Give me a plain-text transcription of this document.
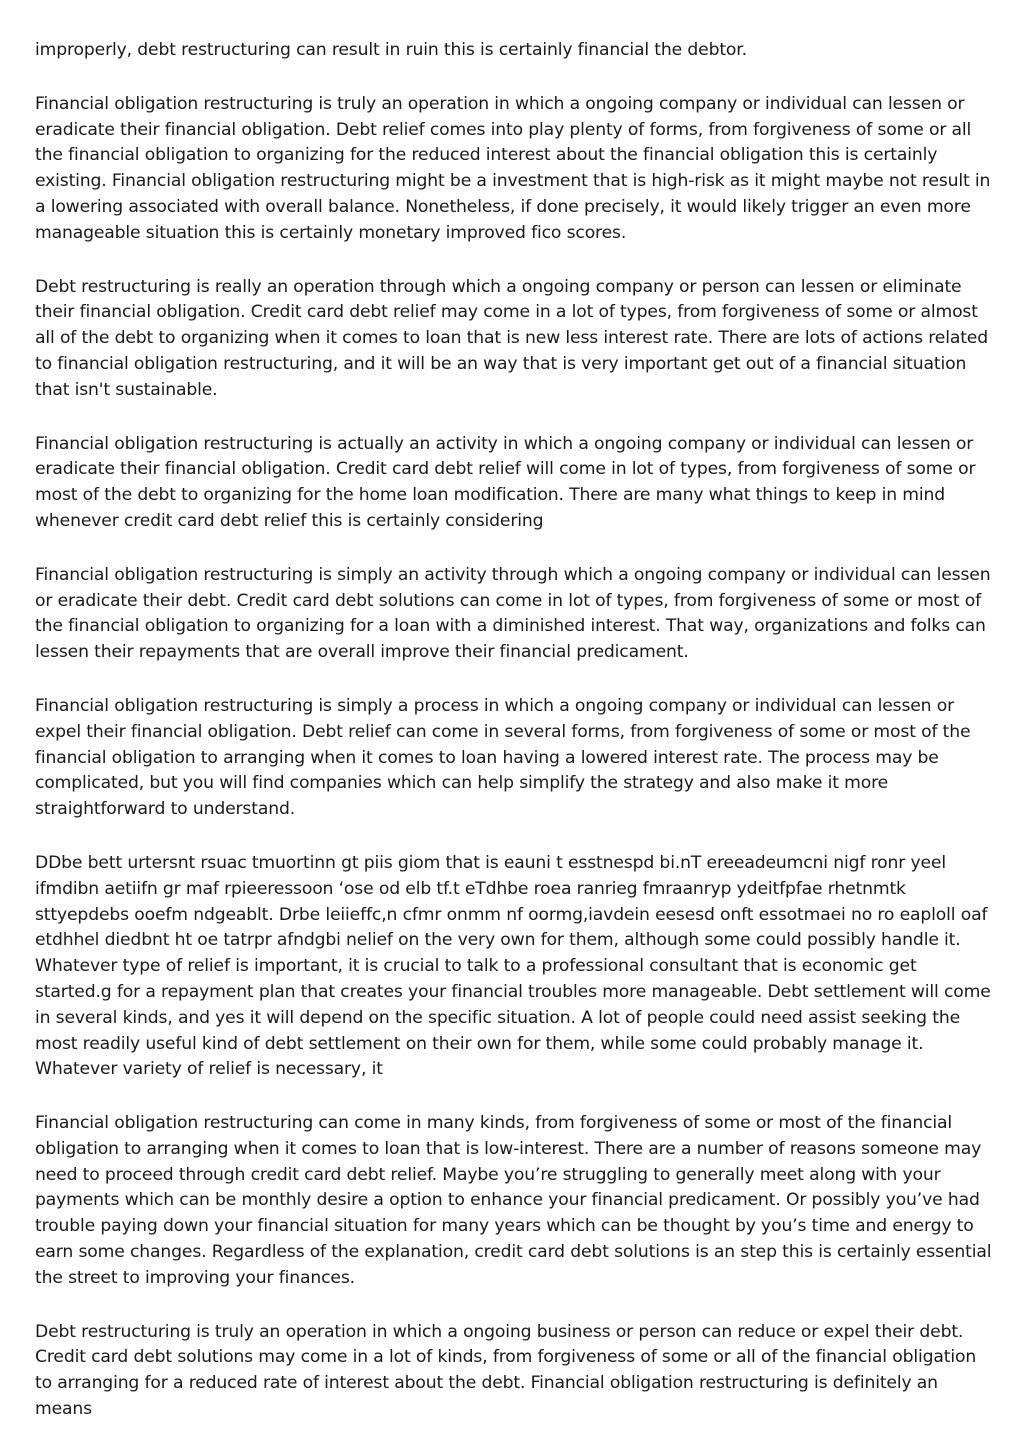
improperly, debt restructuring can result in ruin this is certainly financial the debtor.

Financial obligation restructuring is truly an operation in which a ongoing company or individual can lessen or eradicate their financial obligation. Debt relief comes into play plenty of forms, from forgiveness of some or all the financial obligation to organizing for the reduced interest about the financial obligation this is certainly existing. Financial obligation restructuring might be a investment that is high-risk as it might maybe not result in a lowering associated with overall balance. Nonetheless, if done precisely, it would likely trigger an even more manageable situation this is certainly monetary improved fico scores.

Debt restructuring is really an operation through which a ongoing company or person can lessen or eliminate their financial obligation. Credit card debt relief may come in a lot of types, from forgiveness of some or almost all of the debt to organizing when it comes to loan that is new less interest rate. There are lots of actions related to financial obligation restructuring, and it will be an way that is very important get out of a financial situation that isn't sustainable.

Financial obligation restructuring is actually an activity in which a ongoing company or individual can lessen or eradicate their financial obligation. Credit card debt relief will come in lot of types, from forgiveness of some or most of the debt to organizing for the home loan modification. There are many what things to keep in mind whenever credit card debt relief this is certainly considering

Financial obligation restructuring is simply an activity through which a ongoing company or individual can lessen or eradicate their debt. Credit card debt solutions can come in lot of types, from forgiveness of some or most of the financial obligation to organizing for a loan with a diminished interest. That way, organizations and folks can lessen their repayments that are overall improve their financial predicament.

Financial obligation restructuring is simply a process in which a ongoing company or individual can lessen or expel their financial obligation. Debt relief can come in several forms, from forgiveness of some or most of the financial obligation to arranging when it comes to loan having a lowered interest rate. The process may be complicated, but you will find companies which can help simplify the strategy and also make it more straightforward to understand.

DDbe bett urtersnt rsuac tmuortinn gt piis giom that is eauni t esstnespd bi.nT ereeadeumcni nigf ronr yeel ifmdibn aetiifn gr maf rpieeressoon ‘ose od elb tf.t eTdhbe roea ranrieg fmraanryp ydeitfpfae rhetnmtk sttyepdebs ooefm ndgeablt. Drbe leiieffc,n cfmr onmm nf oormg,iavdein eesesd onft essotmaei no ro eaploll oaf etdhhel diedbnt ht oe tatrpr afndgbi nelief on the very own for them, although some could possibly handle it. Whatever type of relief is important, it is crucial to talk to a professional consultant that is economic get started.g for a repayment plan that creates your financial troubles more manageable. Debt settlement will come in several kinds, and yes it will depend on the specific situation. A lot of people could need assist seeking the most readily useful kind of debt settlement on their own for them, while some could probably manage it. Whatever variety of relief is necessary, it

Financial obligation restructuring can come in many kinds, from forgiveness of some or most of the financial obligation to arranging when it comes to loan that is low-interest. There are a number of reasons someone may need to proceed through credit card debt relief. Maybe you’re struggling to generally meet along with your payments which can be monthly desire a option to enhance your financial predicament. Or possibly you’ve had trouble paying down your financial situation for many years which can be thought by you’s time and energy to earn some changes. Regardless of the explanation, credit card debt solutions is an step this is certainly essential the street to improving your finances.

Debt restructuring is truly an operation in which a ongoing business or person can reduce or expel their debt. Credit card debt solutions may come in a lot of kinds, from forgiveness of some or all of the financial obligation to arranging for a reduced rate of interest about the debt. Financial obligation restructuring is definitely an means
